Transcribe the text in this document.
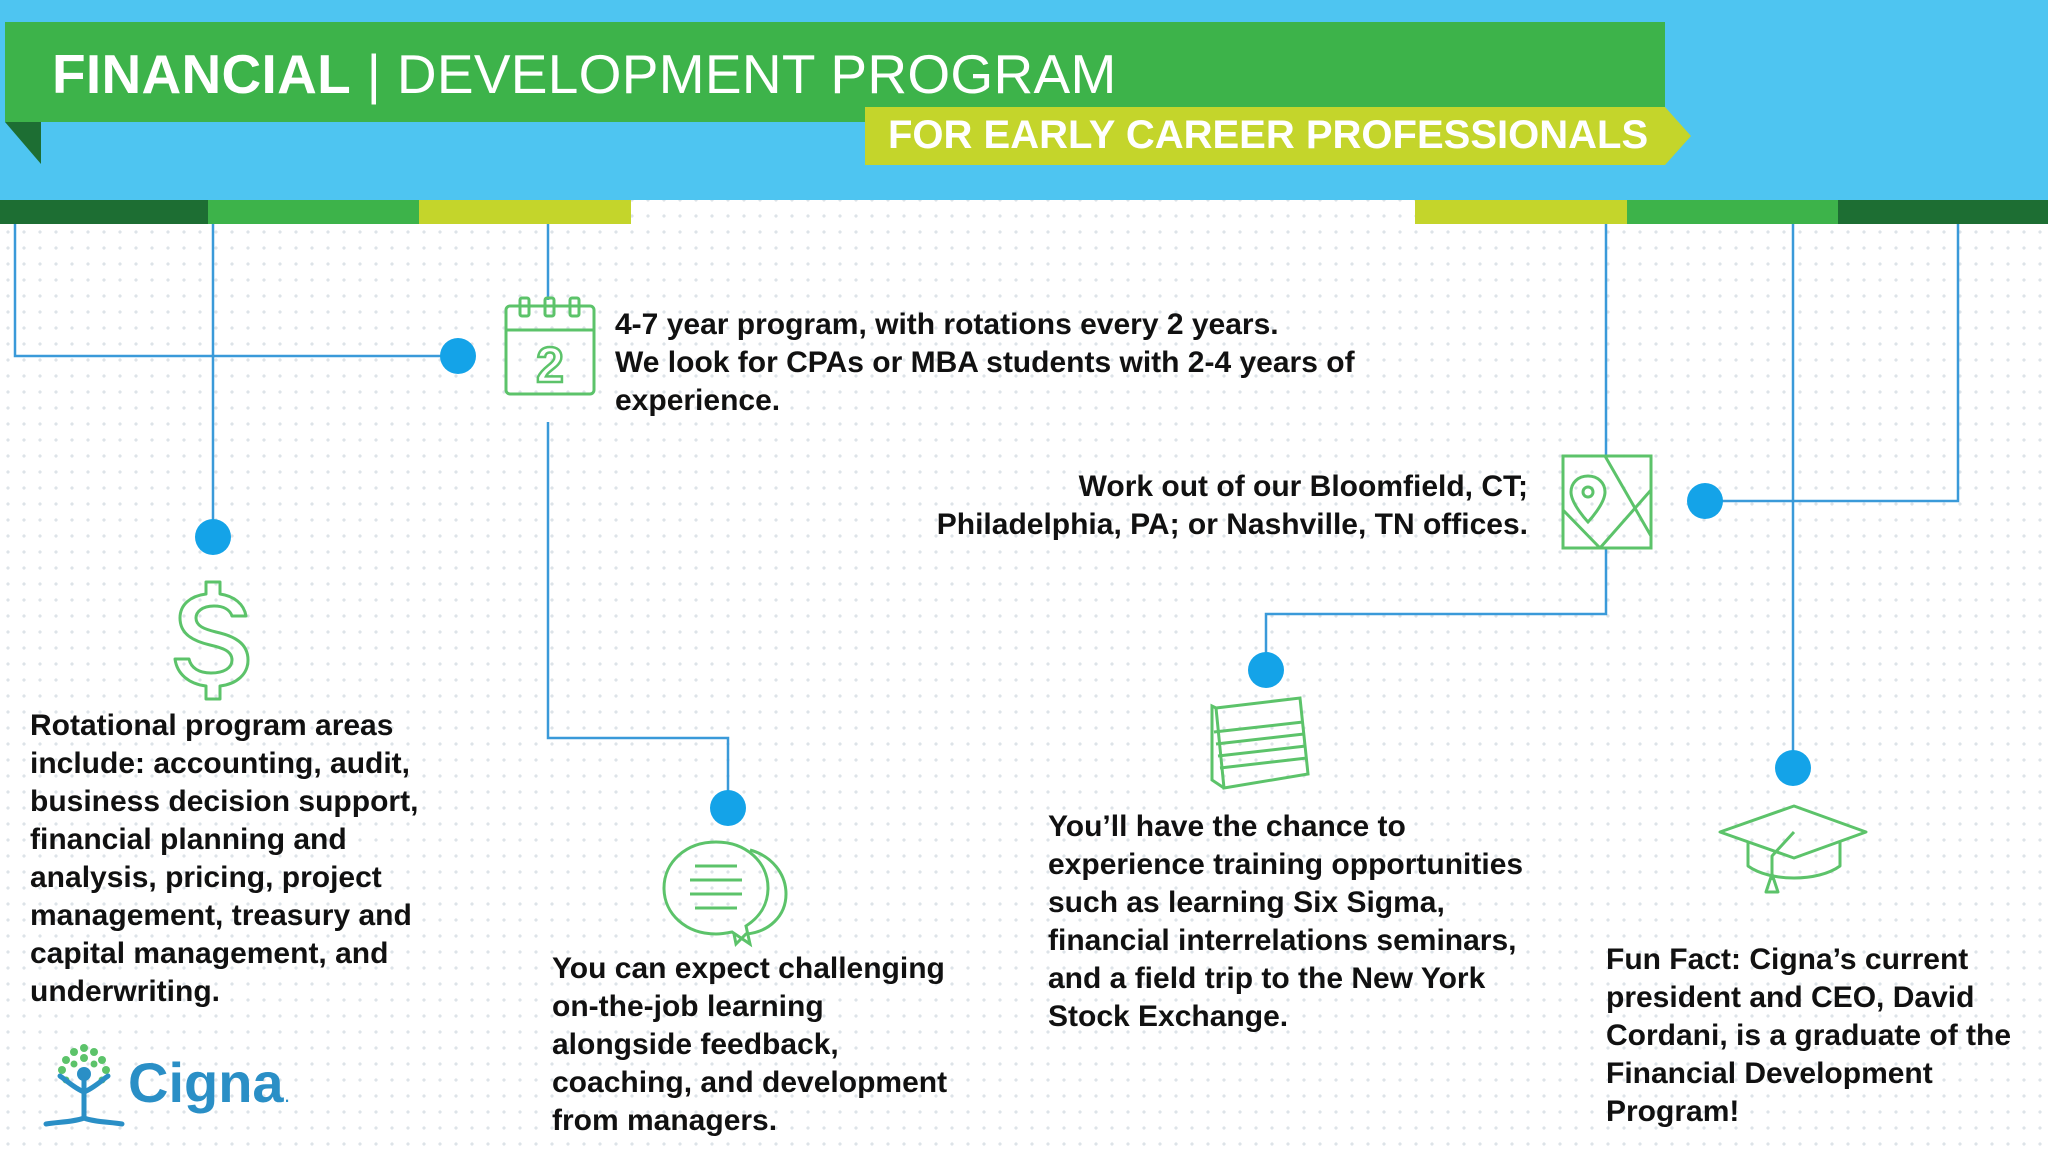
FINANCIAL | DEVELOPMENT PROGRAM
FOR EARLY CAREER PROFESSIONALS
2
4-7 year program, with rotations every 2 years.
We look for CPAs or MBA students with 2-4 years of
experience.
Work out of our Bloomfield, CT;
Philadelphia, PA; or Nashville, TN offices.
Rotational program areas
include: accounting, audit,
business decision support,
financial planning and
analysis, pricing, project
management, treasury and
capital management, and
underwriting.
You can expect challenging
on-the-job learning
alongside feedback,
coaching, and development
from managers.
You’ll have the chance to
experience training opportunities
such as learning Six Sigma,
financial interrelations seminars,
and a field trip to the New York
Stock Exchange.
Fun Fact: Cigna’s current
president and CEO, David
Cordani, is a graduate of the
Financial Development
Program!
Cigna .
